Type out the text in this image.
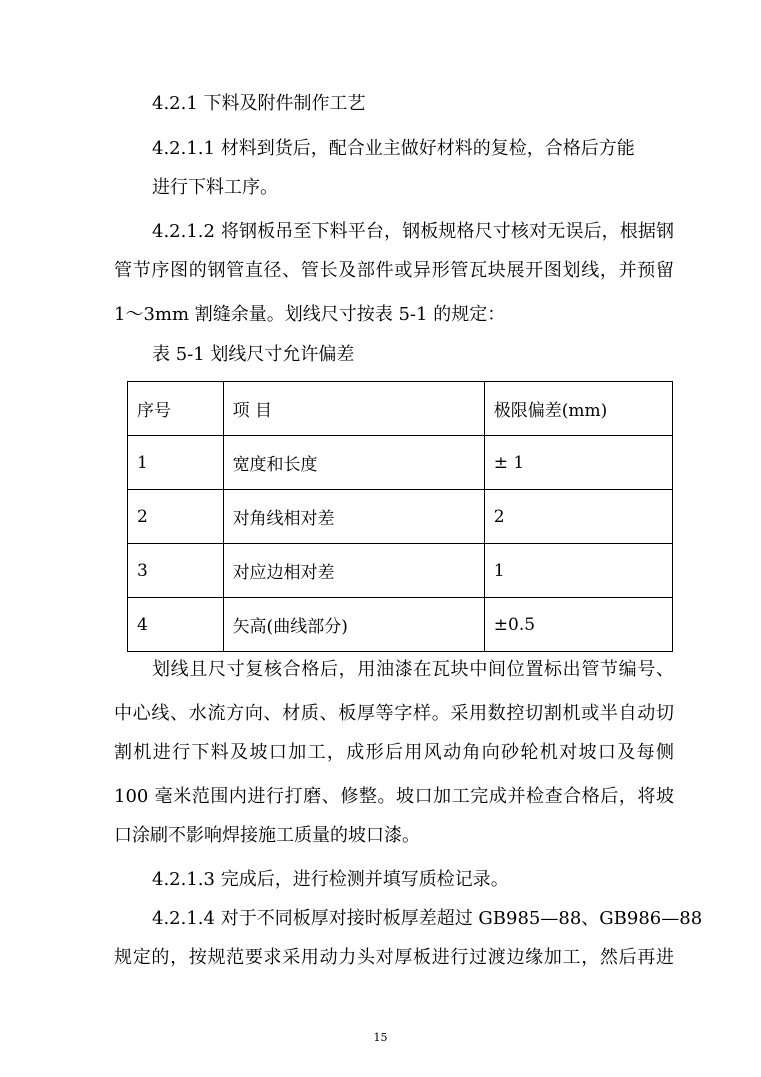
4.2.1 下料及附件制作工艺
4.2.1.1 材料到货后，配合业主做好材料的复检，合格后方能
进行下料工序。
4.2.1.2 将钢板吊至下料平台，钢板规格尺寸核对无误后，根据钢
管节序图的钢管直径、管长及部件或异形管瓦块展开图划线，并预留
1～3mm 割缝余量。划线尺寸按表 5-1 的规定：
表 5-1 划线尺寸允许偏差
序号	项 目	极限偏差(mm)
1	宽度和长度	± 1
2	对角线相对差	2
3	对应边相对差	1
4	矢高(曲线部分)	±0.5
划线且尺寸复核合格后，用油漆在瓦块中间位置标出管节编号、
中心线、水流方向、材质、板厚等字样。采用数控切割机或半自动切
割机进行下料及坡口加工，成形后用风动角向砂轮机对坡口及每侧
100 毫米范围内进行打磨、修整。坡口加工完成并检查合格后，将坡
口涂刷不影响焊接施工质量的坡口漆。
4.2.1.3 完成后，进行检测并填写质检记录。
4.2.1.4 对于不同板厚对接时板厚差超过 GB985—88、GB986—88
规定的，按规范要求采用动力头对厚板进行过渡边缘加工，然后再进
15
